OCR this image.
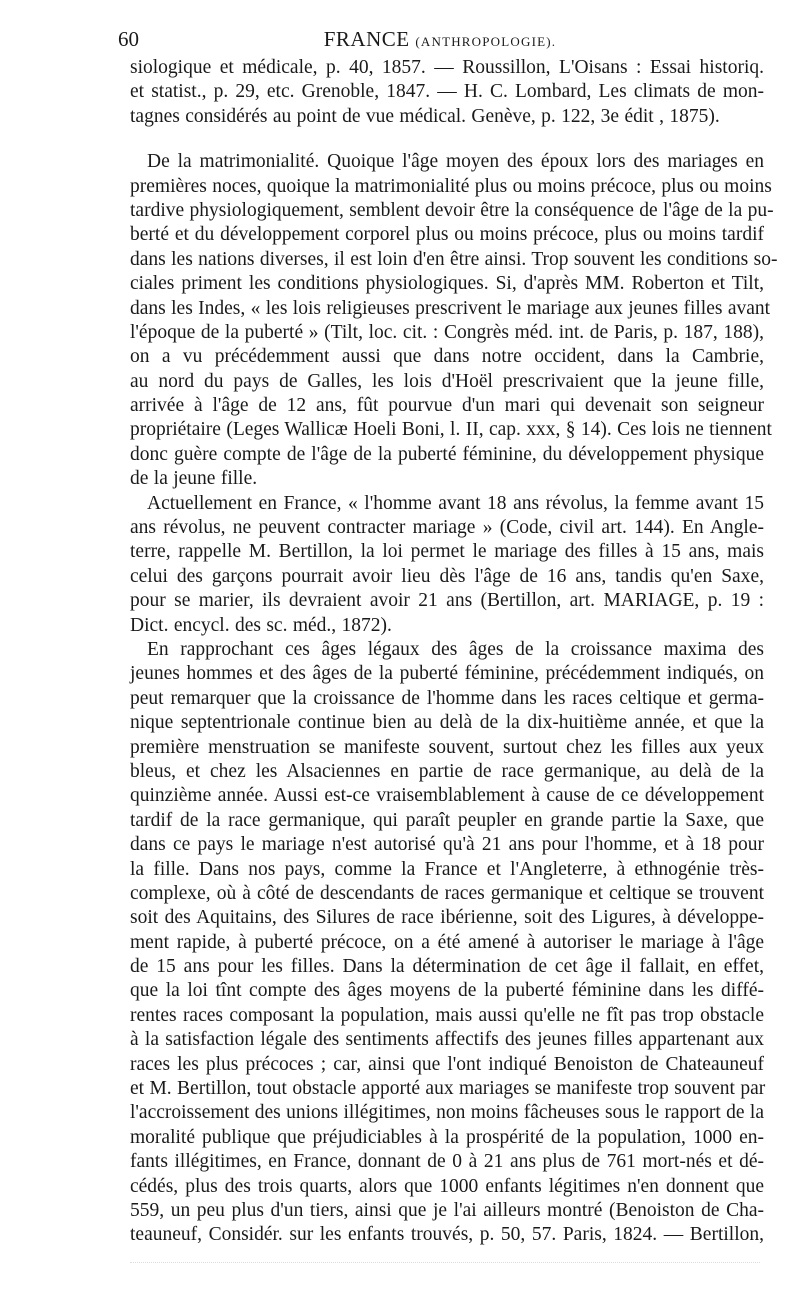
60	FRANCE (ANTHROPOLOGIE).
siologique et médicale, p. 40, 1857. — Roussillon, L'Oisans : Essai historiq.
et statist., p. 29, etc. Grenoble, 1847. — H. C. Lombard, Les climats de mon-
tagnes considérés au point de vue médical. Genève, p. 122, 3e édit , 1875).
De la matrimonialité. Quoique l'âge moyen des époux lors des mariages en
premières noces, quoique la matrimonialité plus ou moins précoce, plus ou moins
tardive physiologiquement, semblent devoir être la conséquence de l'âge de la pu-
berté et du développement corporel plus ou moins précoce, plus ou moins tardif
dans les nations diverses, il est loin d'en être ainsi. Trop souvent les conditions so-
ciales priment les conditions physiologiques. Si, d'après MM. Roberton et Tilt,
dans les Indes, « les lois religieuses prescrivent le mariage aux jeunes filles avant
l'époque de la puberté » (Tilt, loc. cit. : Congrès méd. int. de Paris, p. 187, 188),
on a vu précédemment aussi que dans notre occident, dans la Cambrie,
au nord du pays de Galles, les lois d'Hoël prescrivaient que la jeune fille,
arrivée à l'âge de 12 ans, fût pourvue d'un mari qui devenait son seigneur
propriétaire (Leges Wallicæ Hoeli Boni, l. II, cap. xxx, § 14). Ces lois ne tiennent
donc guère compte de l'âge de la puberté féminine, du développement physique
de la jeune fille.
Actuellement en France, « l'homme avant 18 ans révolus, la femme avant 15
ans révolus, ne peuvent contracter mariage » (Code, civil art. 144). En Angle-
terre, rappelle M. Bertillon, la loi permet le mariage des filles à 15 ans, mais
celui des garçons pourrait avoir lieu dès l'âge de 16 ans, tandis qu'en Saxe,
pour se marier, ils devraient avoir 21 ans (Bertillon, art. MARIAGE, p. 19 :
Dict. encycl. des sc. méd., 1872).
En rapprochant ces âges légaux des âges de la croissance maxima des
jeunes hommes et des âges de la puberté féminine, précédemment indiqués, on
peut remarquer que la croissance de l'homme dans les races celtique et germa-
nique septentrionale continue bien au delà de la dix-huitième année, et que la
première menstruation se manifeste souvent, surtout chez les filles aux yeux
bleus, et chez les Alsaciennes en partie de race germanique, au delà de la
quinzième année. Aussi est-ce vraisemblablement à cause de ce développement
tardif de la race germanique, qui paraît peupler en grande partie la Saxe, que
dans ce pays le mariage n'est autorisé qu'à 21 ans pour l'homme, et à 18 pour
la fille. Dans nos pays, comme la France et l'Angleterre, à ethnogénie très-
complexe, où à côté de descendants de races germanique et celtique se trouvent
soit des Aquitains, des Silures de race ibérienne, soit des Ligures, à développe-
ment rapide, à puberté précoce, on a été amené à autoriser le mariage à l'âge
de 15 ans pour les filles. Dans la détermination de cet âge il fallait, en effet,
que la loi tînt compte des âges moyens de la puberté féminine dans les diffé-
rentes races composant la population, mais aussi qu'elle ne fît pas trop obstacle
à la satisfaction légale des sentiments affectifs des jeunes filles appartenant aux
races les plus précoces ; car, ainsi que l'ont indiqué Benoiston de Chateauneuf
et M. Bertillon, tout obstacle apporté aux mariages se manifeste trop souvent par
l'accroissement des unions illégitimes, non moins fâcheuses sous le rapport de la
moralité publique que préjudiciables à la prospérité de la population, 1000 en-
fants illégitimes, en France, donnant de 0 à 21 ans plus de 761 mort-nés et dé-
cédés, plus des trois quarts, alors que 1000 enfants légitimes n'en donnent que
559, un peu plus d'un tiers, ainsi que je l'ai ailleurs montré (Benoiston de Cha-
teauneuf, Considér. sur les enfants trouvés, p. 50, 57. Paris, 1824. — Bertillon,
